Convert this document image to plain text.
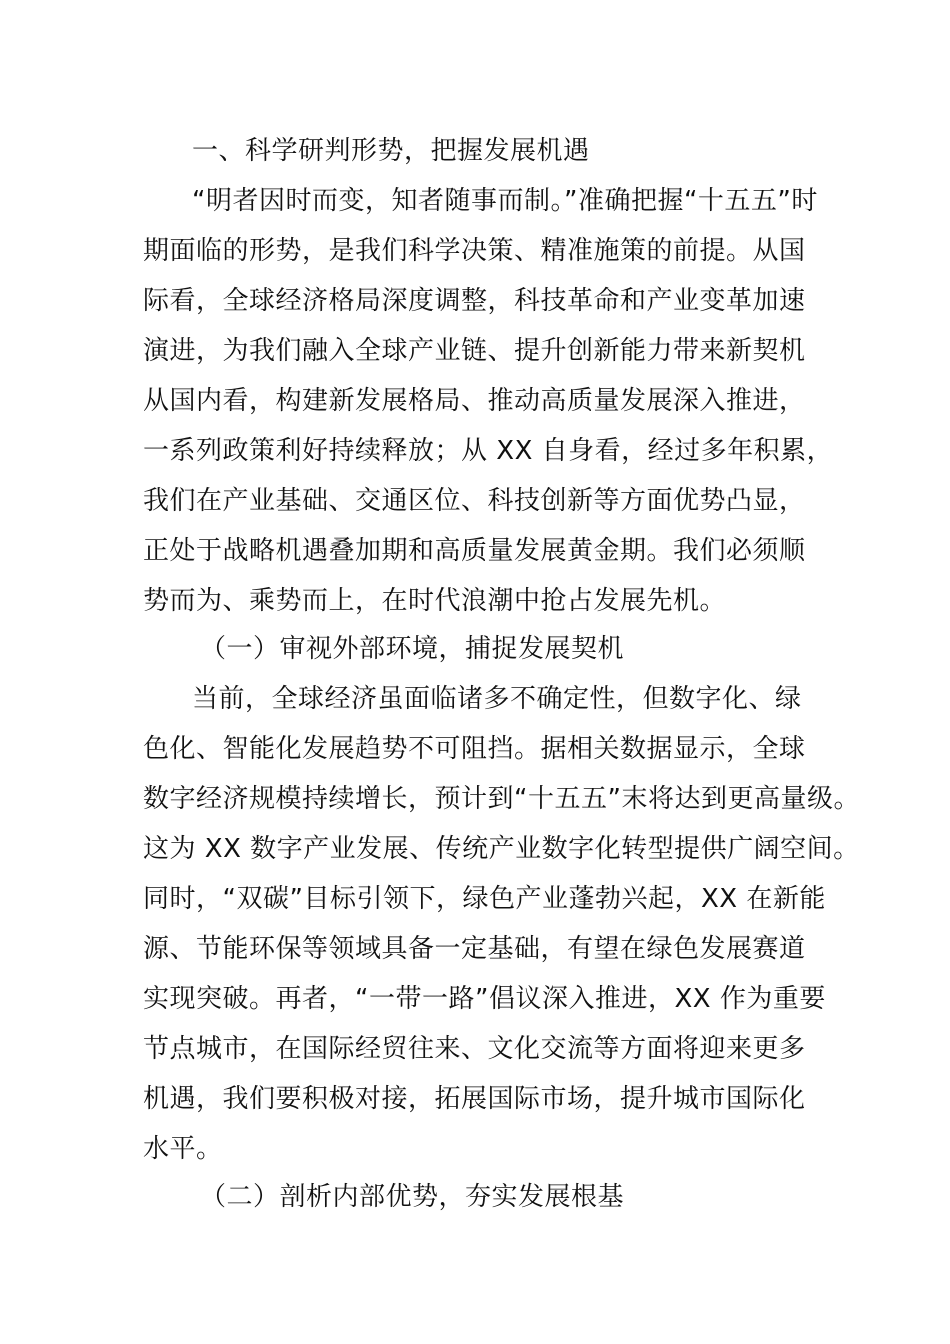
一、科学研判形势，把握发展机遇
“明者因时而变，知者随事而制。”准确把握“十五五”时
期面临的形势，是我们科学决策、精准施策的前提。从国
际看，全球经济格局深度调整，科技革命和产业变革加速
演进，为我们融入全球产业链、提升创新能力带来新契机
从国内看，构建新发展格局、推动高质量发展深入推进，
一系列政策利好持续释放；从 XX 自身看，经过多年积累，
我们在产业基础、交通区位、科技创新等方面优势凸显，
正处于战略机遇叠加期和高质量发展黄金期。我们必须顺
势而为、乘势而上，在时代浪潮中抢占发展先机。
（一）审视外部环境，捕捉发展契机
当前，全球经济虽面临诸多不确定性，但数字化、绿
色化、智能化发展趋势不可阻挡。据相关数据显示，全球
数字经济规模持续增长，预计到“十五五”末将达到更高量级。
这为 XX 数字产业发展、传统产业数字化转型提供广阔空间。
同时，“双碳”目标引领下，绿色产业蓬勃兴起，XX 在新能
源、节能环保等领域具备一定基础，有望在绿色发展赛道
实现突破。再者，“一带一路”倡议深入推进，XX 作为重要
节点城市，在国际经贸往来、文化交流等方面将迎来更多
机遇，我们要积极对接，拓展国际市场，提升城市国际化
水平。
（二）剖析内部优势，夯实发展根基
